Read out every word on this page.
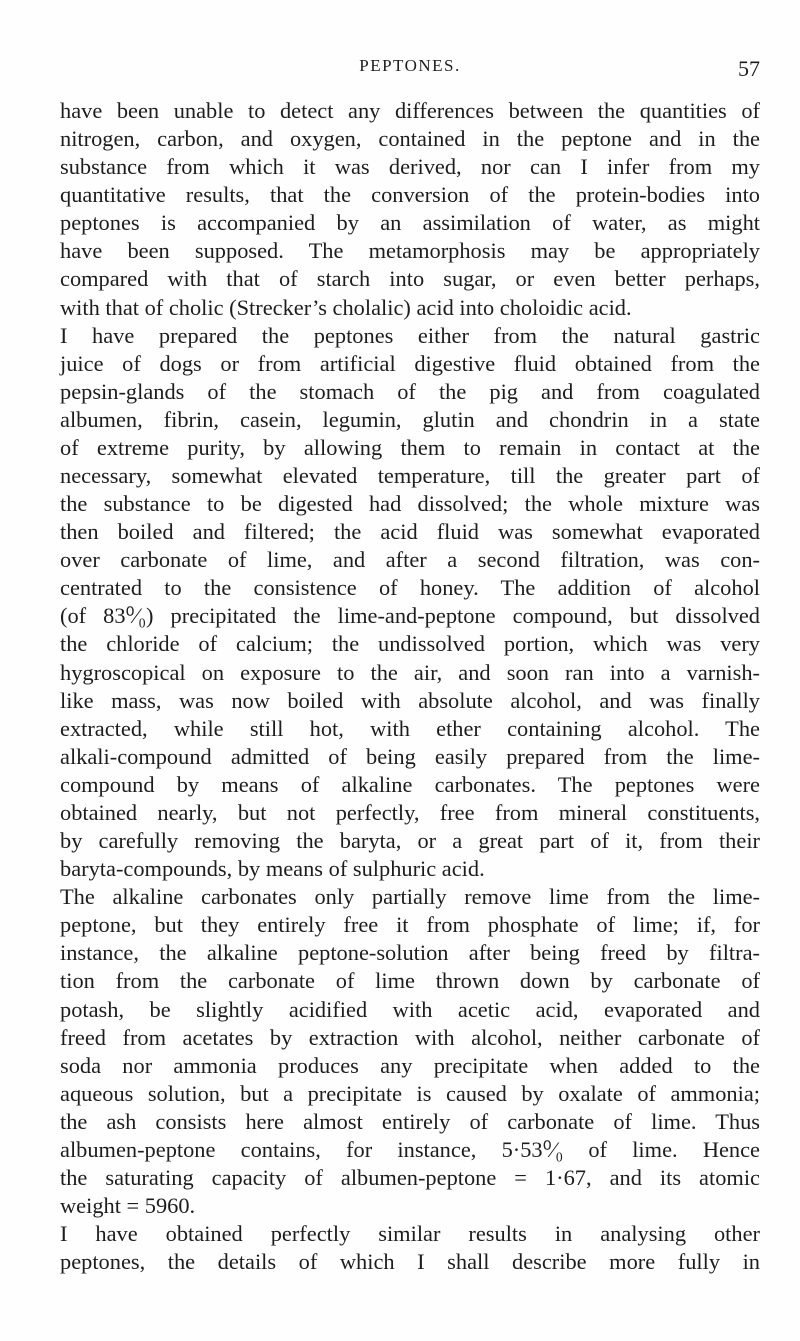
PEPTONES.	57
have been unable to detect any differences between the quantities of
nitrogen, carbon, and oxygen, contained in the peptone and in the
substance from which it was derived, nor can I infer from my
quantitative results, that the conversion of the protein-bodies into
peptones is accompanied by an assimilation of water, as might
have been supposed. The metamorphosis may be appropriately
compared with that of starch into sugar, or even better perhaps,
with that of cholic (Strecker’s cholalic) acid into choloidic acid.
I have prepared the peptones either from the natural gastric
juice of dogs or from artificial digestive fluid obtained from the
pepsin-glands of the stomach of the pig and from coagulated
albumen, fibrin, casein, legumin, glutin and chondrin in a state
of extreme purity, by allowing them to remain in contact at the
necessary, somewhat elevated temperature, till the greater part of
the substance to be digested had dissolved; the whole mixture was
then boiled and filtered; the acid fluid was somewhat evaporated
over carbonate of lime, and after a second filtration, was con-
centrated to the consistence of honey. The addition of alcohol
(of 83⁰⁄₀) precipitated the lime-and-peptone compound, but dissolved
the chloride of calcium; the undissolved portion, which was very
hygroscopical on exposure to the air, and soon ran into a varnish-
like mass, was now boiled with absolute alcohol, and was finally
extracted, while still hot, with ether containing alcohol. The
alkali-compound admitted of being easily prepared from the lime-
compound by means of alkaline carbonates. The peptones were
obtained nearly, but not perfectly, free from mineral constituents,
by carefully removing the baryta, or a great part of it, from their
baryta-compounds, by means of sulphuric acid.
The alkaline carbonates only partially remove lime from the lime-
peptone, but they entirely free it from phosphate of lime; if, for
instance, the alkaline peptone-solution after being freed by filtra-
tion from the carbonate of lime thrown down by carbonate of
potash, be slightly acidified with acetic acid, evaporated and
freed from acetates by extraction with alcohol, neither carbonate of
soda nor ammonia produces any precipitate when added to the
aqueous solution, but a precipitate is caused by oxalate of ammonia;
the ash consists here almost entirely of carbonate of lime. Thus
albumen-peptone contains, for instance, 5·53⁰⁄₀ of lime. Hence
the saturating capacity of albumen-peptone = 1·67, and its atomic
weight = 5960.
I have obtained perfectly similar results in analysing other
peptones, the details of which I shall describe more fully in
